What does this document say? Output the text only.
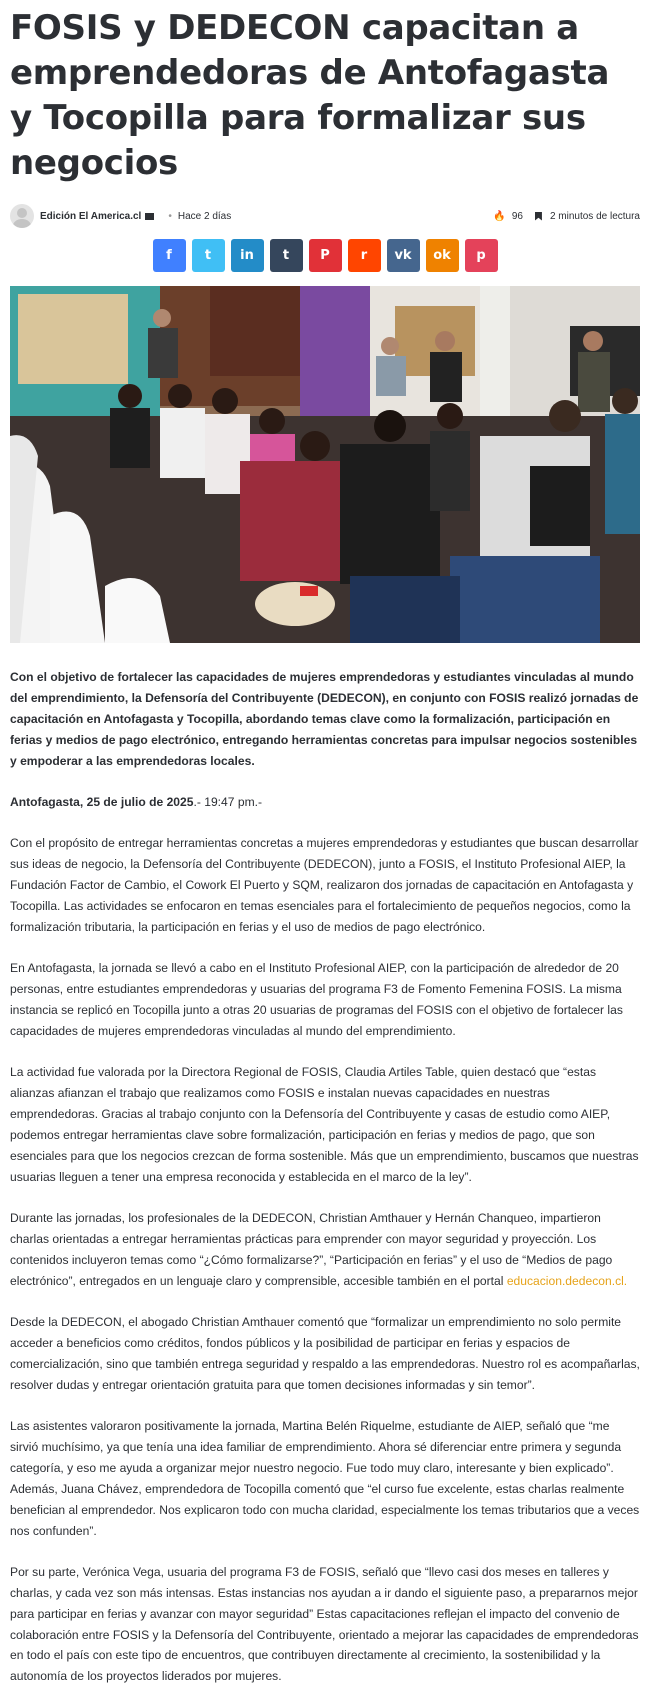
FOSIS y DEDECON capacitan a emprendedoras de Antofagasta y Tocopilla para formalizar sus negocios
Edición El America.cl	• Hace 2 días	🔥 96	2 minutos de lectura
f	t in t P r vk ok p

Con el objetivo de fortalecer las capacidades de mujeres emprendedoras y estudiantes vinculadas al mundo del emprendimiento, la Defensoría del Contribuyente (DEDECON), en conjunto con FOSIS realizó jornadas de capacitación en Antofagasta y Tocopilla, abordando temas clave como la formalización, participación en ferias y medios de pago electrónico, entregando herramientas concretas para impulsar negocios sostenibles y empoderar a las emprendedoras locales.

Antofagasta, 25 de julio de 2025.- 19:47 pm.-

Con el propósito de entregar herramientas concretas a mujeres emprendedoras y estudiantes que buscan desarrollar sus ideas de negocio, la Defensoría del Contribuyente (DEDECON), junto a FOSIS, el Instituto Profesional AIEP, la Fundación Factor de Cambio, el Cowork El Puerto y SQM, realizaron dos jornadas de capacitación en Antofagasta y Tocopilla. Las actividades se enfocaron en temas esenciales para el fortalecimiento de pequeños negocios, como la formalización tributaria, la participación en ferias y el uso de medios de pago electrónico.

En Antofagasta, la jornada se llevó a cabo en el Instituto Profesional AIEP, con la participación de alrededor de 20 personas, entre estudiantes emprendedoras y usuarias del programa F3 de Fomento Femenina FOSIS. La misma instancia se replicó en Tocopilla junto a otras 20 usuarias de programas del FOSIS con el objetivo de fortalecer las capacidades de mujeres emprendedoras vinculadas al mundo del emprendimiento.

La actividad fue valorada por la Directora Regional de FOSIS, Claudia Artiles Table, quien destacó que “estas alianzas afianzan el trabajo que realizamos como FOSIS e instalan nuevas capacidades en nuestras emprendedoras. Gracias al trabajo conjunto con la Defensoría del Contribuyente y casas de estudio como AIEP, podemos entregar herramientas clave sobre formalización, participación en ferias y medios de pago, que son esenciales para que los negocios crezcan de forma sostenible. Más que un emprendimiento, buscamos que nuestras usuarias lleguen a tener una empresa reconocida y establecida en el marco de la ley”.

Durante las jornadas, los profesionales de la DEDECON, Christian Amthauer y Hernán Chanqueo, impartieron charlas orientadas a entregar herramientas prácticas para emprender con mayor seguridad y proyección. Los contenidos incluyeron temas como “¿Cómo formalizarse?”, “Participación en ferias” y el uso de “Medios de pago electrónico”, entregados en un lenguaje claro y comprensible, accesible también en el portal educacion.dedecon.cl.

Desde la DEDECON, el abogado Christian Amthauer comentó que “formalizar un emprendimiento no solo permite acceder a beneficios como créditos, fondos públicos y la posibilidad de participar en ferias y espacios de comercialización, sino que también entrega seguridad y respaldo a las emprendedoras. Nuestro rol es acompañarlas, resolver dudas y entregar orientación gratuita para que tomen decisiones informadas y sin temor”.

Las asistentes valoraron positivamente la jornada, Martina Belén Riquelme, estudiante de AIEP, señaló que “me sirvió muchísimo, ya que tenía una idea familiar de emprendimiento. Ahora sé diferenciar entre primera y segunda categoría, y eso me ayuda a organizar mejor nuestro negocio. Fue todo muy claro, interesante y bien explicado”. Además, Juana Chávez, emprendedora de Tocopilla comentó que “el curso fue excelente, estas charlas realmente benefician al emprendedor. Nos explicaron todo con mucha claridad, especialmente los temas tributarios que a veces nos confunden”.

Por su parte, Verónica Vega, usuaria del programa F3 de FOSIS, señaló que “llevo casi dos meses en talleres y charlas, y cada vez son más intensas. Estas instancias nos ayudan a ir dando el siguiente paso, a prepararnos mejor para participar en ferias y avanzar con mayor seguridad” Estas capacitaciones reflejan el impacto del convenio de colaboración entre FOSIS y la Defensoría del Contribuyente, orientado a mejorar las capacidades de emprendedoras en todo el país con este tipo de encuentros, que contribuyen directamente al crecimiento, la sostenibilidad y la autonomía de los proyectos liderados por mujeres.
